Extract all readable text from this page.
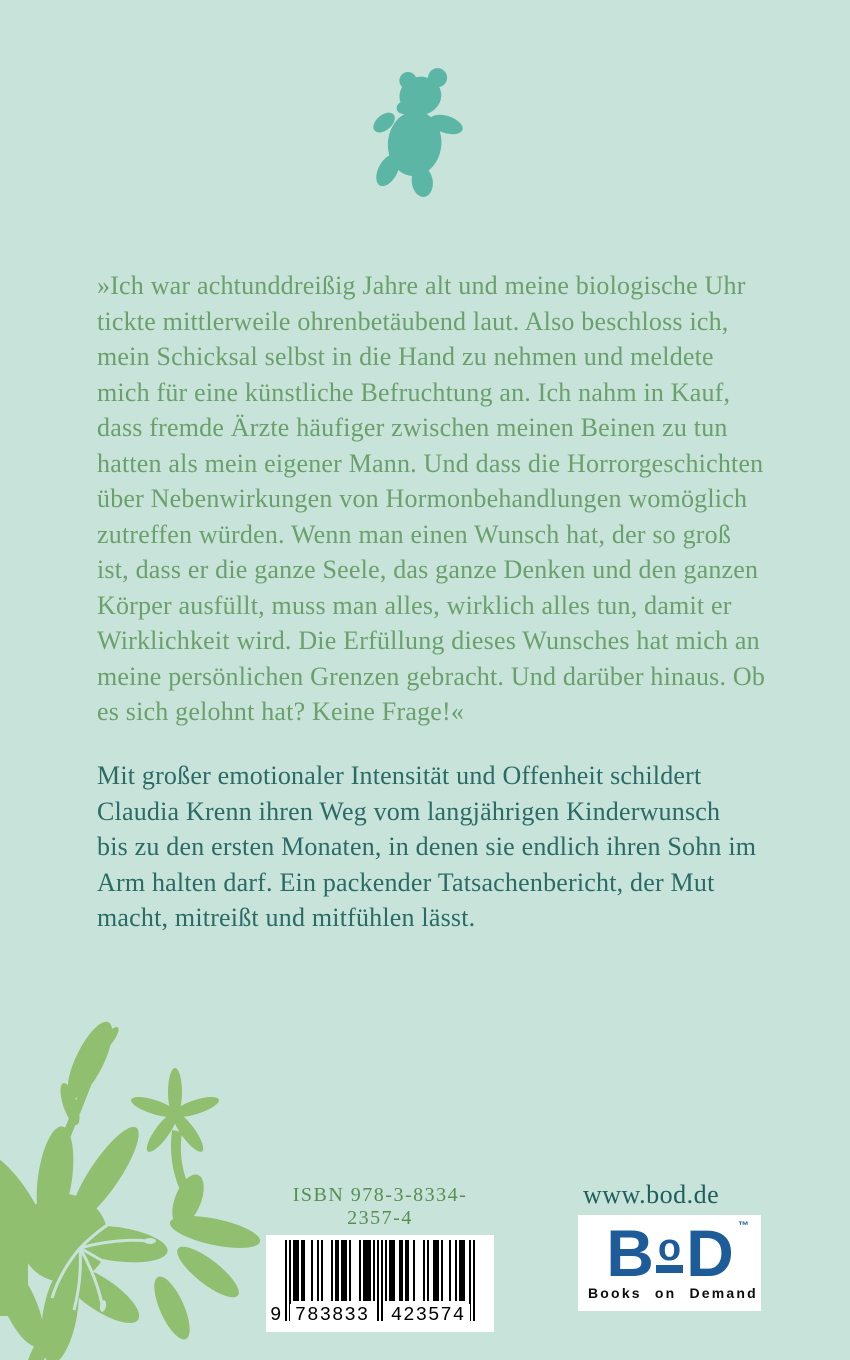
»Ich war achtunddreißig Jahre alt und meine biologische Uhr
tickte mittlerweile ohrenbetäubend laut. Also beschloss ich,
mein Schicksal selbst in die Hand zu nehmen und meldete
mich für eine künstliche Befruchtung an. Ich nahm in Kauf,
dass fremde Ärzte häufiger zwischen meinen Beinen zu tun
hatten als mein eigener Mann. Und dass die Horrorgeschichten
über Nebenwirkungen von Hormonbehandlungen womöglich
zutreffen würden. Wenn man einen Wunsch hat, der so groß
ist, dass er die ganze Seele, das ganze Denken und den ganzen
Körper ausfüllt, muss man alles, wirklich alles tun, damit er
Wirklichkeit wird. Die Erfüllung dieses Wunsches hat mich an
meine persönlichen Grenzen gebracht. Und darüber hinaus. Ob
es sich gelohnt hat? Keine Frage!«
Mit großer emotionaler Intensität und Offenheit schildert
Claudia Krenn ihren Weg vom langjährigen Kinderwunsch
bis zu den ersten Monaten, in denen sie endlich ihren Sohn im
Arm halten darf. Ein packender Tatsachenbericht, der Mut
macht, mitreißt und mitfühlen lässt.
ISBN 978-3-8334-2357-4
9 783833 423574
www.bod.de
B o D ™
Books on Demand
